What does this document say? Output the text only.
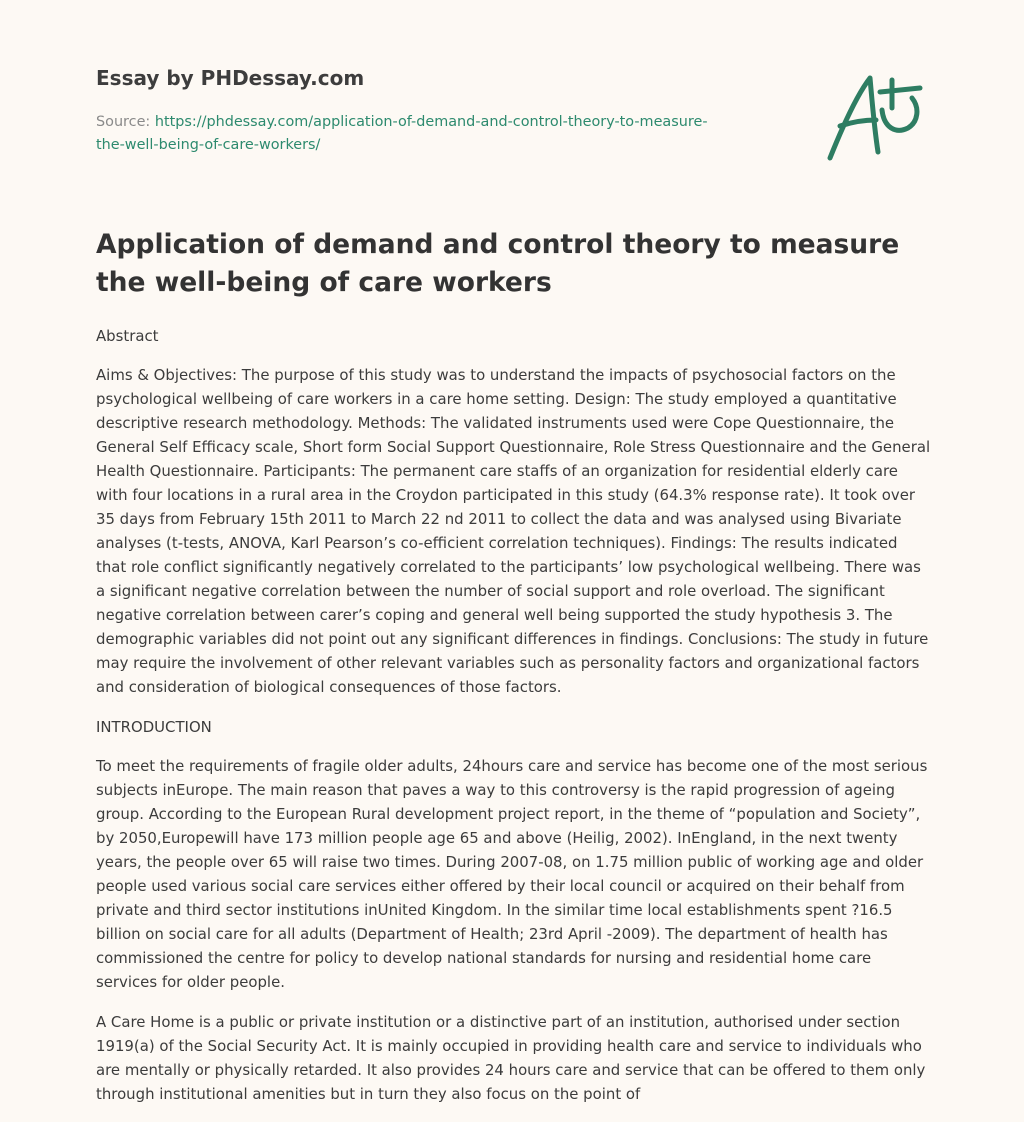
Essay by PHDessay.com

Source: https://phdessay.com/application-of-demand-and-control-theory-to-measure-
the-well-being-of-care-workers/
Application of demand and control theory to measure the well-being of care workers

Abstract

Aims & Objectives: The purpose of this study was to understand the impacts of psychosocial factors on the psychological wellbeing of care workers in a care home setting. Design: The study employed a quantitative descriptive research methodology. Methods: The validated instruments used were Cope Questionnaire, the General Self Efficacy scale, Short form Social Support Questionnaire, Role Stress Questionnaire and the General Health Questionnaire. Participants: The permanent care staffs of an organization for residential elderly care with four locations in a rural area in the Croydon participated in this study (64.3% response rate). It took over 35 days from February 15th 2011 to March 22 nd 2011 to collect the data and was analysed using Bivariate analyses (t-tests, ANOVA, Karl Pearson’s co-efficient correlation techniques). Findings: The results indicated that role conflict significantly negatively correlated to the participants’ low psychological wellbeing. There was a significant negative correlation between the number of social support and role overload. The significant negative correlation between carer’s coping and general well being supported the study hypothesis 3. The demographic variables did not point out any significant differences in findings. Conclusions: The study in future may require the involvement of other relevant variables such as personality factors and organizational factors and consideration of biological consequences of those factors.

INTRODUCTION

To meet the requirements of fragile older adults, 24hours care and service has become one of the most serious subjects inEurope. The main reason that paves a way to this controversy is the rapid progression of ageing group. According to the European Rural development project report, in the theme of “population and Society”, by 2050,Europewill have 173 million people age 65 and above (Heilig, 2002). InEngland, in the next twenty years, the people over 65 will raise two times. During 2007-08, on 1.75 million public of working age and older people used various social care services either offered by their local council or acquired on their behalf from private and third sector institutions inUnited Kingdom. In the similar time local establishments spent ?16.5 billion on social care for all adults (Department of Health; 23rd April -2009). The department of health has commissioned the centre for policy to develop national standards for nursing and residential home care services for older people.

A Care Home is a public or private institution or a distinctive part of an institution, authorised under section 1919(a) of the Social Security Act. It is mainly occupied in providing health care and service to individuals who are mentally or physically retarded. It also provides 24 hours care and service that can be offered to them only through institutional amenities but in turn they also focus on the point of
